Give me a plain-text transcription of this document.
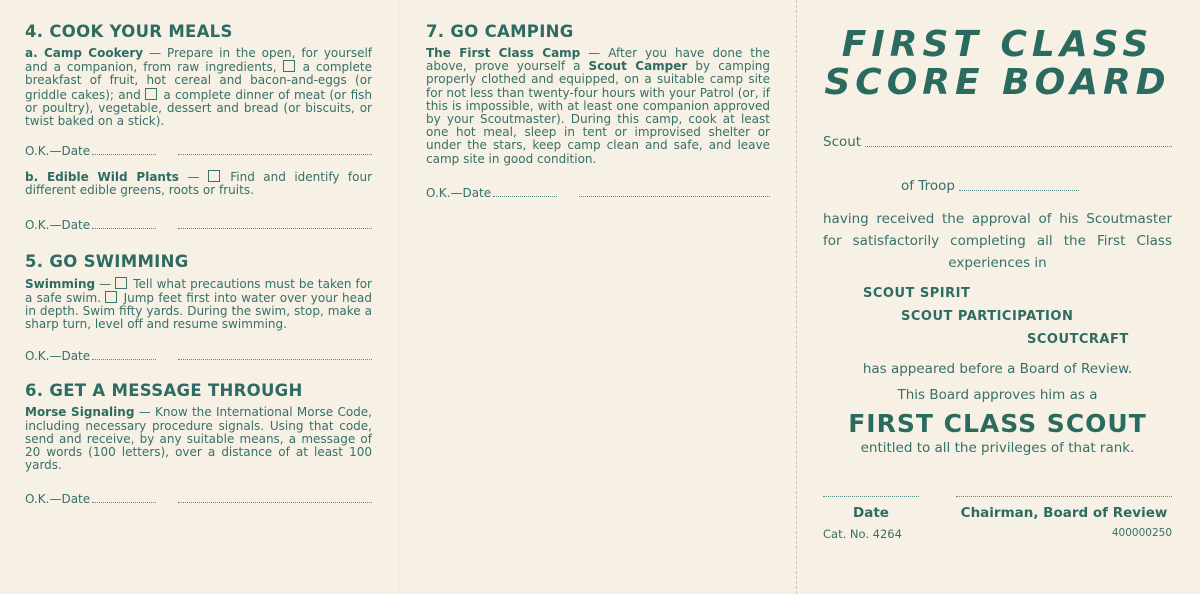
4. COOK YOUR MEALS

a. Camp Cookery — Prepare in the open, for yourself and a companion, from raw ingredients,  a complete breakfast of fruit, hot cereal and bacon-and-eggs (or griddle cakes); and  a complete dinner of meat (or fish or poultry), vegetable, dessert and bread (or biscuits, or twist baked on a stick).

O.K.—Date

b. Edible Wild Plants —  Find and identify four different edible greens, roots or fruits.

O.K.—Date
5. GO SWIMMING

Swimming —  Tell what precautions must be taken for a safe swim.  Jump feet first into water over your head in depth. Swim fifty yards. During the swim, stop, make a sharp turn, level off and resume swimming.

O.K.—Date
6. GET A MESSAGE THROUGH

Morse Signaling — Know the International Morse Code, including necessary procedure signals. Using that code, send and receive, by any suitable means, a message of 20 words (100 letters), over a distance of at least 100 yards.

O.K.—Date
7. GO CAMPING

The First Class Camp — After you have done the above, prove yourself a Scout Camper by camping properly clothed and equipped, on a suitable camp site for not less than twenty-four hours with your Patrol (or, if this is impossible, with at least one companion approved by your Scoutmaster). During this camp, cook at least one hot meal, sleep in tent or improvised shelter or under the stars, keep camp clean and safe, and leave camp site in good condition.

O.K.—Date

FIRST CLASS

SCORE BOARD

Scout
of Troop

having received the approval of his Scoutmaster for satisfactorily completing all the First Class experiences in

SCOUT SPIRIT
SCOUT PARTICIPATION
SCOUTCRAFT
has appeared before a Board of Review.
This Board approves him as a

FIRST CLASS SCOUT

entitled to all the privileges of that rank.
Date	Chairman, Board of Review
Cat. No. 4264	400000250
